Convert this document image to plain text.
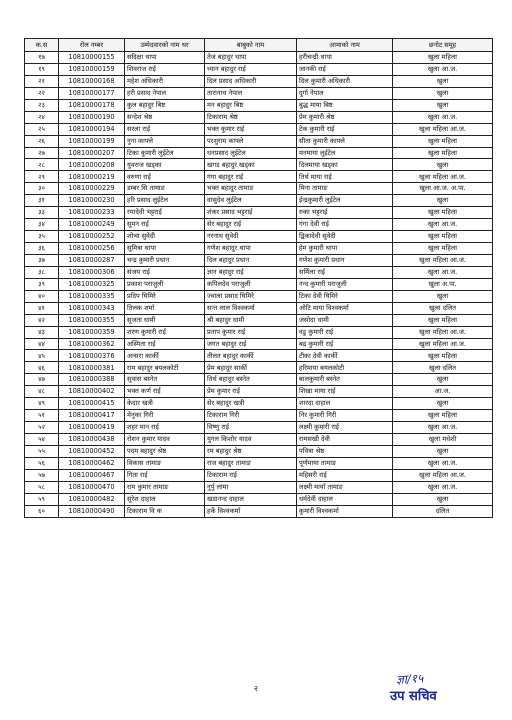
क.स	रोल नम्बर	उम्मेदवारको नाम थर	बाबुको नाम	आमाको नाम	छनोट समूह
१७	10810000155	सदिक्षा थापा	तेज बहादुर थापा	हरीचन्द्री थापा	खुला महिला
१९	10810000159	शिवराज राई	ध्यान बहादुर राई	जानकी राई	खुला आ.ज.
२१	10810000168	महेश अधिकारी	दिल प्रसाद अधिकारी	दिल कुमारी अधिकारी	खुला
२२	10810000177	हरी प्रसाद नेपाल	तारानाथ नेपाल	दुर्गा नेपाल	खुला
२३	10810000178	कुल बहादुर बिष्ट	मन बहादुर बिष्ट	बुद्ध माया बिष्ट	खुला
२४	10810000190	सन्देश श्रेष्ठ	टिकाराम श्रेष्ठ	प्रेम कुमारी श्रेष्ठ	खुला आ.ज.
२५	10810000194	सरला राई	भक्त कुमार राई	टेक कुमारी राई	खुला महिला आ.ज.
२६	10810000199	नुना काफ्ले	परशुराम काफ्ले	सीता कुमारी काफ्ले	खुला महिला
२७	10810000207	टिका कुमारी लुईटेल	धनप्रसाद लुईटेल	मनमाया लुईटेल	खुला महिला
२८	10810000208	युवराज खड्का	खगड बहादुर खड्का	दिलमाया खड्का	खुला
२९	10810000219	वरुणा राई	गंगा बहादुर राई	तिर्थ माया राई	खुला महिला आ.ज.
३०	10810000229	डम्बर सि तामाङ	भक्त बहादुर तामाङ	मिना तामाङ	खुला आ.ज. अ.पा.
३१	10810000230	हरि प्रसाद लुईटेल	वासुदेव लुईटेल	ईन्द्रकुमारी लुईटेल	खुला
३३	10810000233	रमादेवी भट्टराई	शंकर प्रसाद भट्टराई	रुका भट्टराई	खुला महिला
३४	10810000249	सुमन राई	सेर बहादुर राई	गंगा देवी राई	खुला आ.ज.
३५	10810000252	शोभा सुवेदी	नरनाथ सुवेदी	द्विकादेवी सुवेदी	खुला महिला
३६	10810000256	सुमित्रा थापा	गणेश बहादुर थापा	हेम कुमारी थापा	खुला महिला
३७	10810000287	चन्द्र कुमारी प्रधान	दिल बहादुर प्रधान	गणेश कुमारी प्रधान	खुला महिला आ.ज.
३८	10810000306	संजय राई	ज्ञान बहादुर राई	सर्मिला राई	खुला आ.ज.
३९	10810000325	प्रकाश पराजुली	कपिलदेव पराजुली	नन्द कुमारी पराजुली	खुला अ.पा.
४०	10810000335	प्रदिप घिमिरे	ज्वाला प्रसाद घिमिरे	टिका देवी घिमिरे	खुला
४१	10810000343	तिलक शर्मा	सन्त लाल विश्वकर्मा	ओटि माया विश्वकर्मा	खुला दलित
४२	10810000355	सुजता धामी	श्री बहादुर धामी	जसोदा धामी	खुला महिला
४३	10810000359	शरण कुमारी राई	प्रताप कुमार राई	वडु कुमारी राई	खुला महिला आ.ज.
४४	10810000362	अस्मिता राई	जगत बहादुर राई	बद्र कुमारी राई	खुला महिला आ.ज.
४५	10810000376	अन्सरा कार्की	तीलत बहादुर कार्की	टीका देवी कार्की	खुला महिला
४६	10810000381	राम बहादुर बयलकोटी	प्रेम बहादुर सार्की	हरिमाया बयलकोटी	खुला दलित
४७	10810000388	सुवास बस्नेत	तिर्थ बहादुर बस्नेत	बालकुमारी बस्नेत	खुला
४८	10810000402	भक्त कर्ण राई	प्रेम कुमार राई	शिखा माया राई	आ.ज.
४९	10810000415	केदार खत्री	सेर बहादुर खत्री	शारदा दाहाल	खुला
५१	10810000417	मेनुका गिरी	टिकाराम गिरी	निर कुमारी गिरी	खुला महिला
५२	10810000419	शहर मान राई	विष्णु राई	लक्ष्मी कुमारी राई	खुला आ.ज.
५४	10810000438	रोशन कुमार यादव	युगल किशोर यादव	रामसखी देवी	खुला मधेशी
५५	10810000452	पदम बहादुर श्रेष्ठ	रम बहादुर श्रेष्ठ	पवित्रा श्रेष्ठ	खुला
५६	10810000462	विकास तामाङ	राज बहादुर तामाङ	पूर्णमाया तामाङ	खुला आ.ज.
५७	10810000467	गिता राई	टिकाराम राई	महिसरी राई	खुला महिला आ.ज.
५८	10810000470	राम कुमार तामाङ	नुर्पु लामा	लक्ष्मी मायाँ तामाङ	खुला आ.ज.
५९	10810000482	सुरेश दाहाल	खडानन्द दाहाल	धर्मदेवी दाहाल	खुला
६०	10810000490	टिकाराम वि क	हर्के विश्वकर्मा	कुमारी विश्वकर्मा	दलित
ज्ञा/१५
उप सचिव
२
